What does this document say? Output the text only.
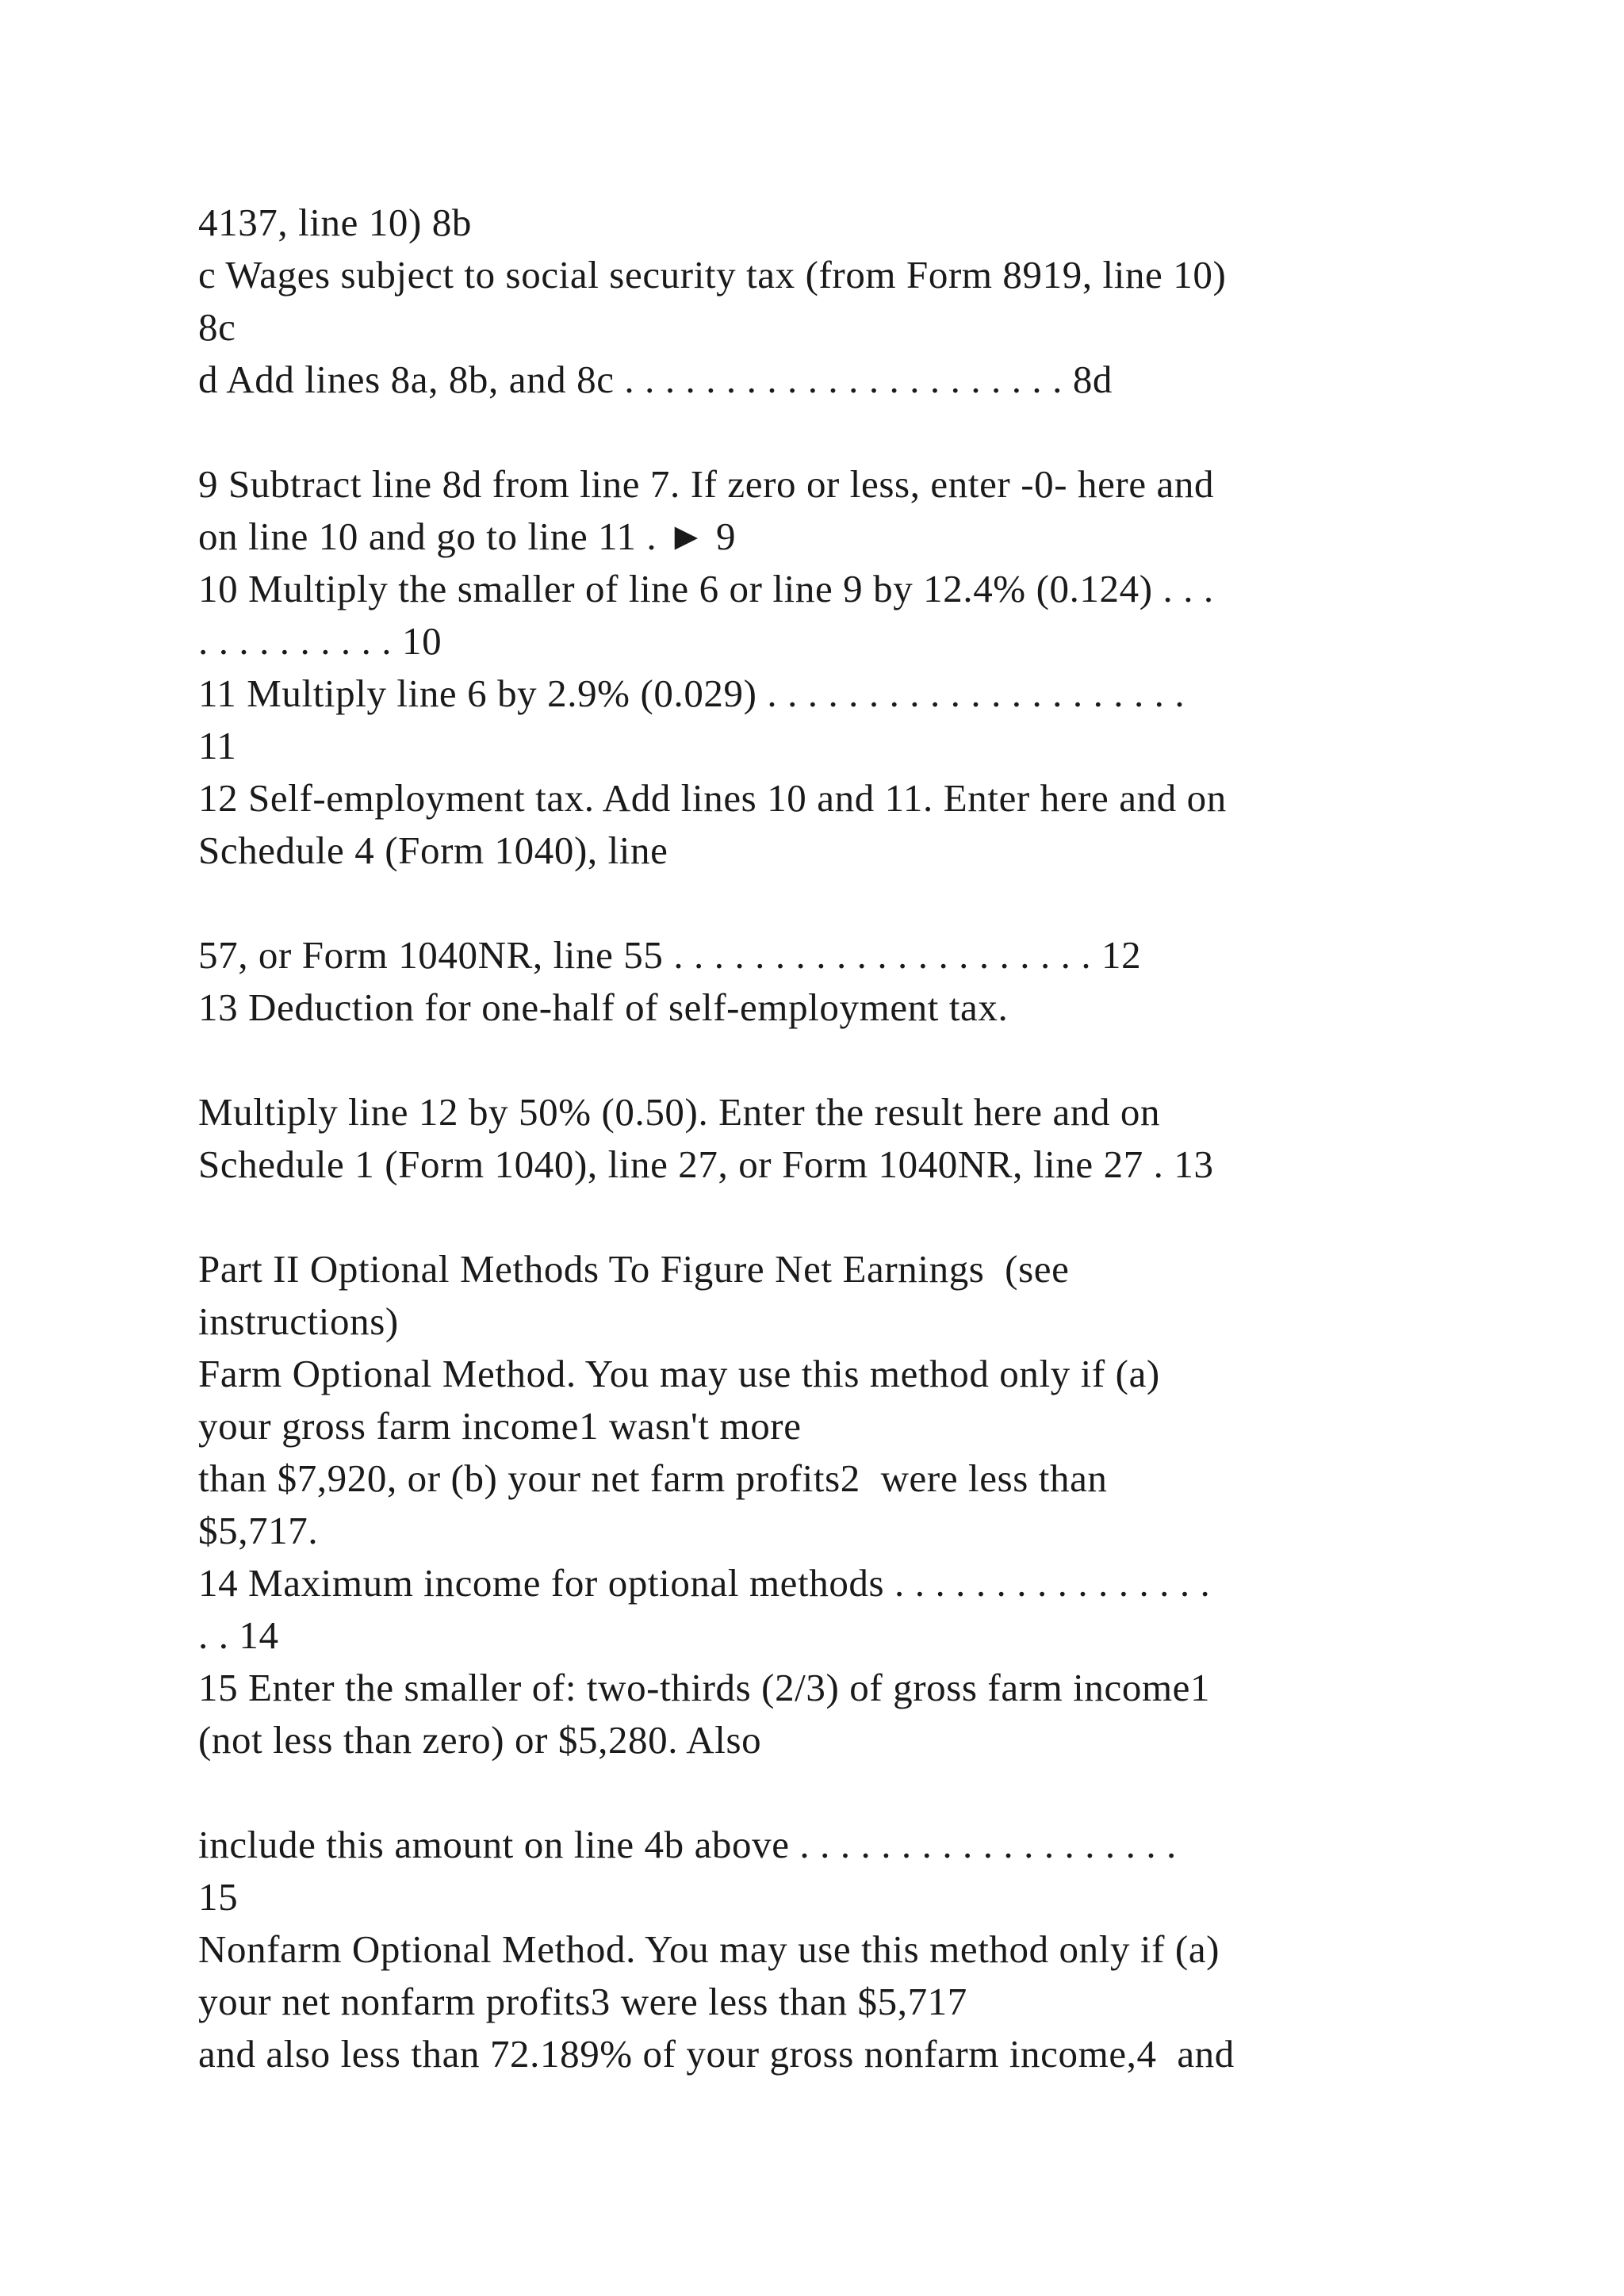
4137, line 10) 8b
c Wages subject to social security tax (from Form 8919, line 10)
8c
d Add lines 8a, 8b, and 8c . . . . . . . . . . . . . . . . . . . . . . 8d
9 Subtract line 8d from line 7. If zero or less, enter -0- here and
on line 10 and go to line 11 . ► 9
10 Multiply the smaller of line 6 or line 9 by 12.4% (0.124) . . .
. . . . . . . . . . 10
11 Multiply line 6 by 2.9% (0.029) . . . . . . . . . . . . . . . . . . . . .
11
12 Self-employment tax. Add lines 10 and 11. Enter here and on
Schedule 4 (Form 1040), line
57, or Form 1040NR, line 55 . . . . . . . . . . . . . . . . . . . . . 12
13 Deduction for one-half of self-employment tax.
Multiply line 12 by 50% (0.50). Enter the result here and on
Schedule 1 (Form 1040), line 27, or Form 1040NR, line 27 . 13
Part II Optional Methods To Figure Net Earnings  (see
instructions)
Farm Optional Method. You may use this method only if (a)
your gross farm income1 wasn't more
than $7,920, or (b) your net farm profits2  were less than
$5,717.
14 Maximum income for optional methods . . . . . . . . . . . . . . . .
. . 14
15 Enter the smaller of: two-thirds (2/3) of gross farm income1
(not less than zero) or $5,280. Also
include this amount on line 4b above . . . . . . . . . . . . . . . . . . .
15
Nonfarm Optional Method. You may use this method only if (a)
your net nonfarm profits3 were less than $5,717
and also less than 72.189% of your gross nonfarm income,4  and
